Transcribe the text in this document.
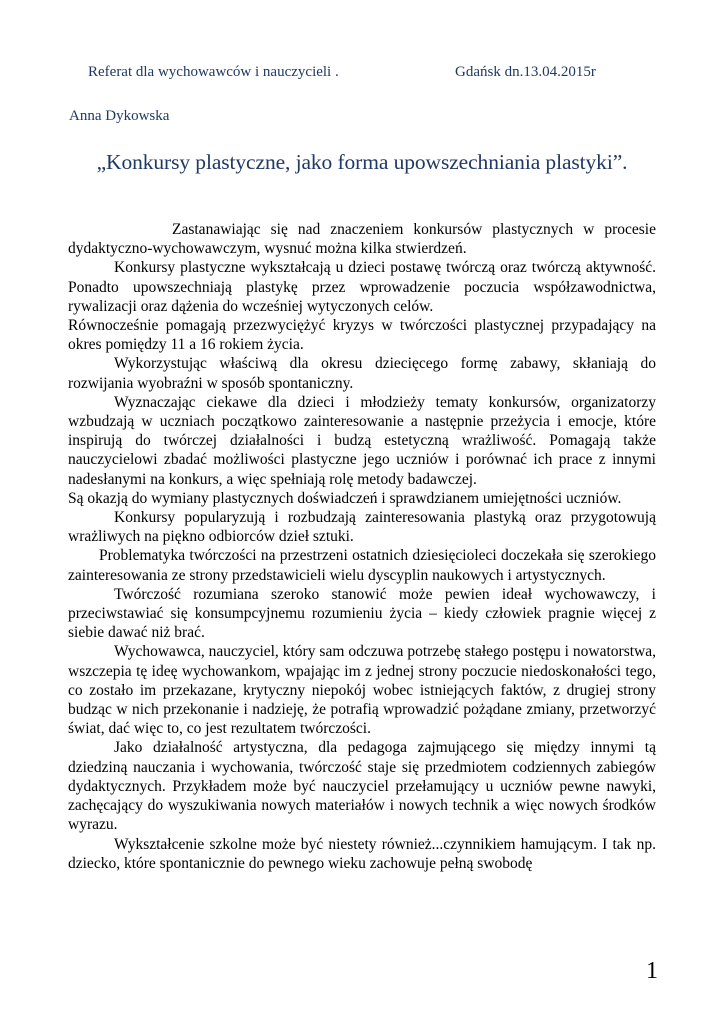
Referat dla wychowawców i nauczycieli .	Gdańsk dn.13.04.2015r
Anna Dykowska
„Konkursy plastyczne, jako forma upowszechniania plastyki”.

Zastanawiając się nad znaczeniem konkursów plastycznych w procesie dydaktyczno-wychowawczym, wysnuć można kilka stwierdzeń.

Konkursy plastyczne wykształcają u dzieci postawę twórczą oraz twórczą aktywność. Ponadto upowszechniają plastykę przez wprowadzenie poczucia współzawodnictwa, rywalizacji oraz dążenia do wcześniej wytyczonych celów.

Równocześnie pomagają przezwyciężyć kryzys w twórczości plastycznej przypadający na okres pomiędzy 11 a 16 rokiem życia.

Wykorzystując właściwą dla okresu dziecięcego formę zabawy, skłaniają do rozwijania wyobraźni w sposób spontaniczny.

Wyznaczając ciekawe dla dzieci i młodzieży tematy konkursów, organizatorzy wzbudzają w uczniach początkowo zainteresowanie a następnie przeżycia i emocje, które inspirują do twórczej działalności i budzą estetyczną wrażliwość. Pomagają także nauczycielowi zbadać możliwości plastyczne jego uczniów i porównać ich prace z innymi nadesłanymi na konkurs, a więc spełniają rolę metody badawczej.

Są okazją do wymiany plastycznych doświadczeń i sprawdzianem umiejętności uczniów.

Konkursy popularyzują i rozbudzają zainteresowania plastyką oraz przygotowują wrażliwych na piękno odbiorców dzieł sztuki.

Problematyka twórczości na przestrzeni ostatnich dziesięcioleci doczekała się szerokiego zainteresowania ze strony przedstawicieli wielu dyscyplin naukowych i artystycznych.

Twórczość rozumiana szeroko stanowić może pewien ideał wychowawczy, i przeciwstawiać się konsumpcyjnemu rozumieniu życia – kiedy człowiek pragnie więcej z siebie dawać niż brać.

Wychowawca, nauczyciel, który sam odczuwa potrzebę stałego postępu i nowatorstwa, wszczepia tę ideę wychowankom, wpajając im z jednej strony poczucie niedoskonałości tego, co zostało im przekazane, krytyczny niepokój wobec istniejących faktów, z drugiej strony budząc w nich przekonanie i nadzieję, że potrafią wprowadzić pożądane zmiany, przetworzyć świat, dać więc to, co jest rezultatem twórczości.

Jako działalność artystyczna, dla pedagoga zajmującego się między innymi tą dziedziną nauczania i wychowania, twórczość staje się przedmiotem codziennych zabiegów dydaktycznych. Przykładem może być nauczyciel przełamujący u uczniów pewne nawyki, zachęcający do wyszukiwania nowych materiałów i nowych technik a więc nowych środków wyrazu.

Wykształcenie szkolne może być niestety również...czynnikiem hamującym. I tak np. dziecko, które spontanicznie do pewnego wieku zachowuje pełną swobodę

1
